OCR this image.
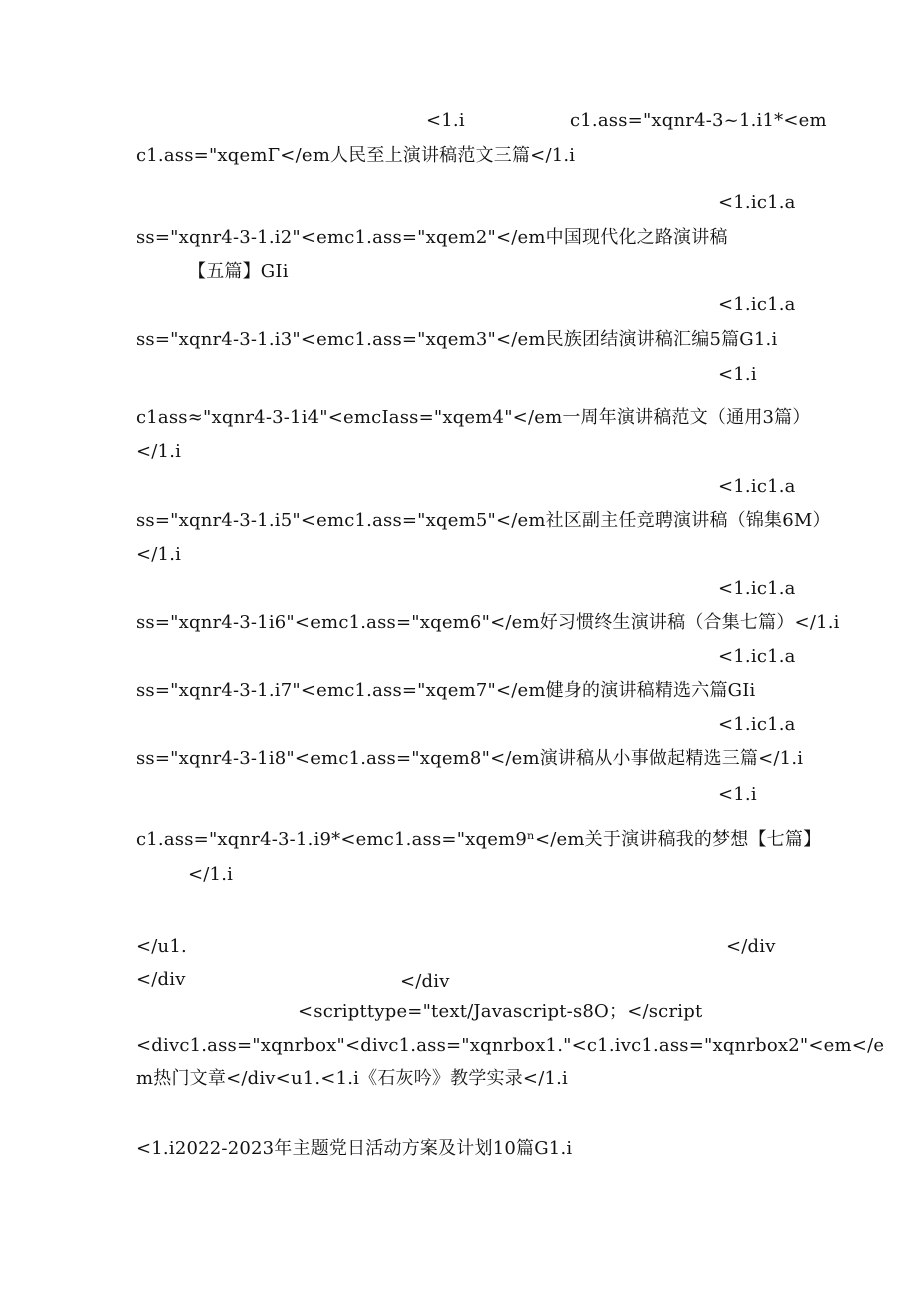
<1.i	c1.ass="xqnr4-3~1.i1*<em
c1.ass="xqemΓ</em人民至上演讲稿范文三篇</1.i
<1.ic1.a
ss="xqnr4-3-1.i2"<emc1.ass="xqem2"</em中国现代化之路演讲稿
【五篇】GIi
<1.ic1.a
ss="xqnr4-3-1.i3"<emc1.ass="xqem3"</em民族团结演讲稿汇编5篇G1.i
<1.i
c1ass≈"xqnr4-3-1i4"<emcIass="xqem4"</em一周年演讲稿范文（通用3篇）
</1.i
<1.ic1.a
ss="xqnr4-3-1.i5"<emc1.ass="xqem5"</em社区副主任竞聘演讲稿（锦集6M）
</1.i
<1.ic1.a
ss="xqnr4-3-1i6"<emc1.ass="xqem6"</em好习惯终生演讲稿（合集七篇）</1.i
<1.ic1.a
ss="xqnr4-3-1.i7"<emc1.ass="xqem7"</em健身的演讲稿精选六篇GIi
<1.ic1.a
ss="xqnr4-3-1i8"<emc1.ass="xqem8"</em演讲稿从小事做起精选三篇</1.i
<1.i
c1.ass="xqnr4-3-1.i9*<emc1.ass="xqem9ⁿ</em关于演讲稿我的梦想【七篇】
</1.i
</u1.	</div
</div	</div
<scripttype="text/Javascript-s8O；</script
<divc1.ass="xqnrbox"<divc1.ass="xqnrbox1."<c1.ivc1.ass="xqnrbox2"<em</e
m热门文章</div<u1.<1.i《石灰吟》教学实录</1.i
<1.i2022-2023年主题党日活动方案及计划10篇G1.i
